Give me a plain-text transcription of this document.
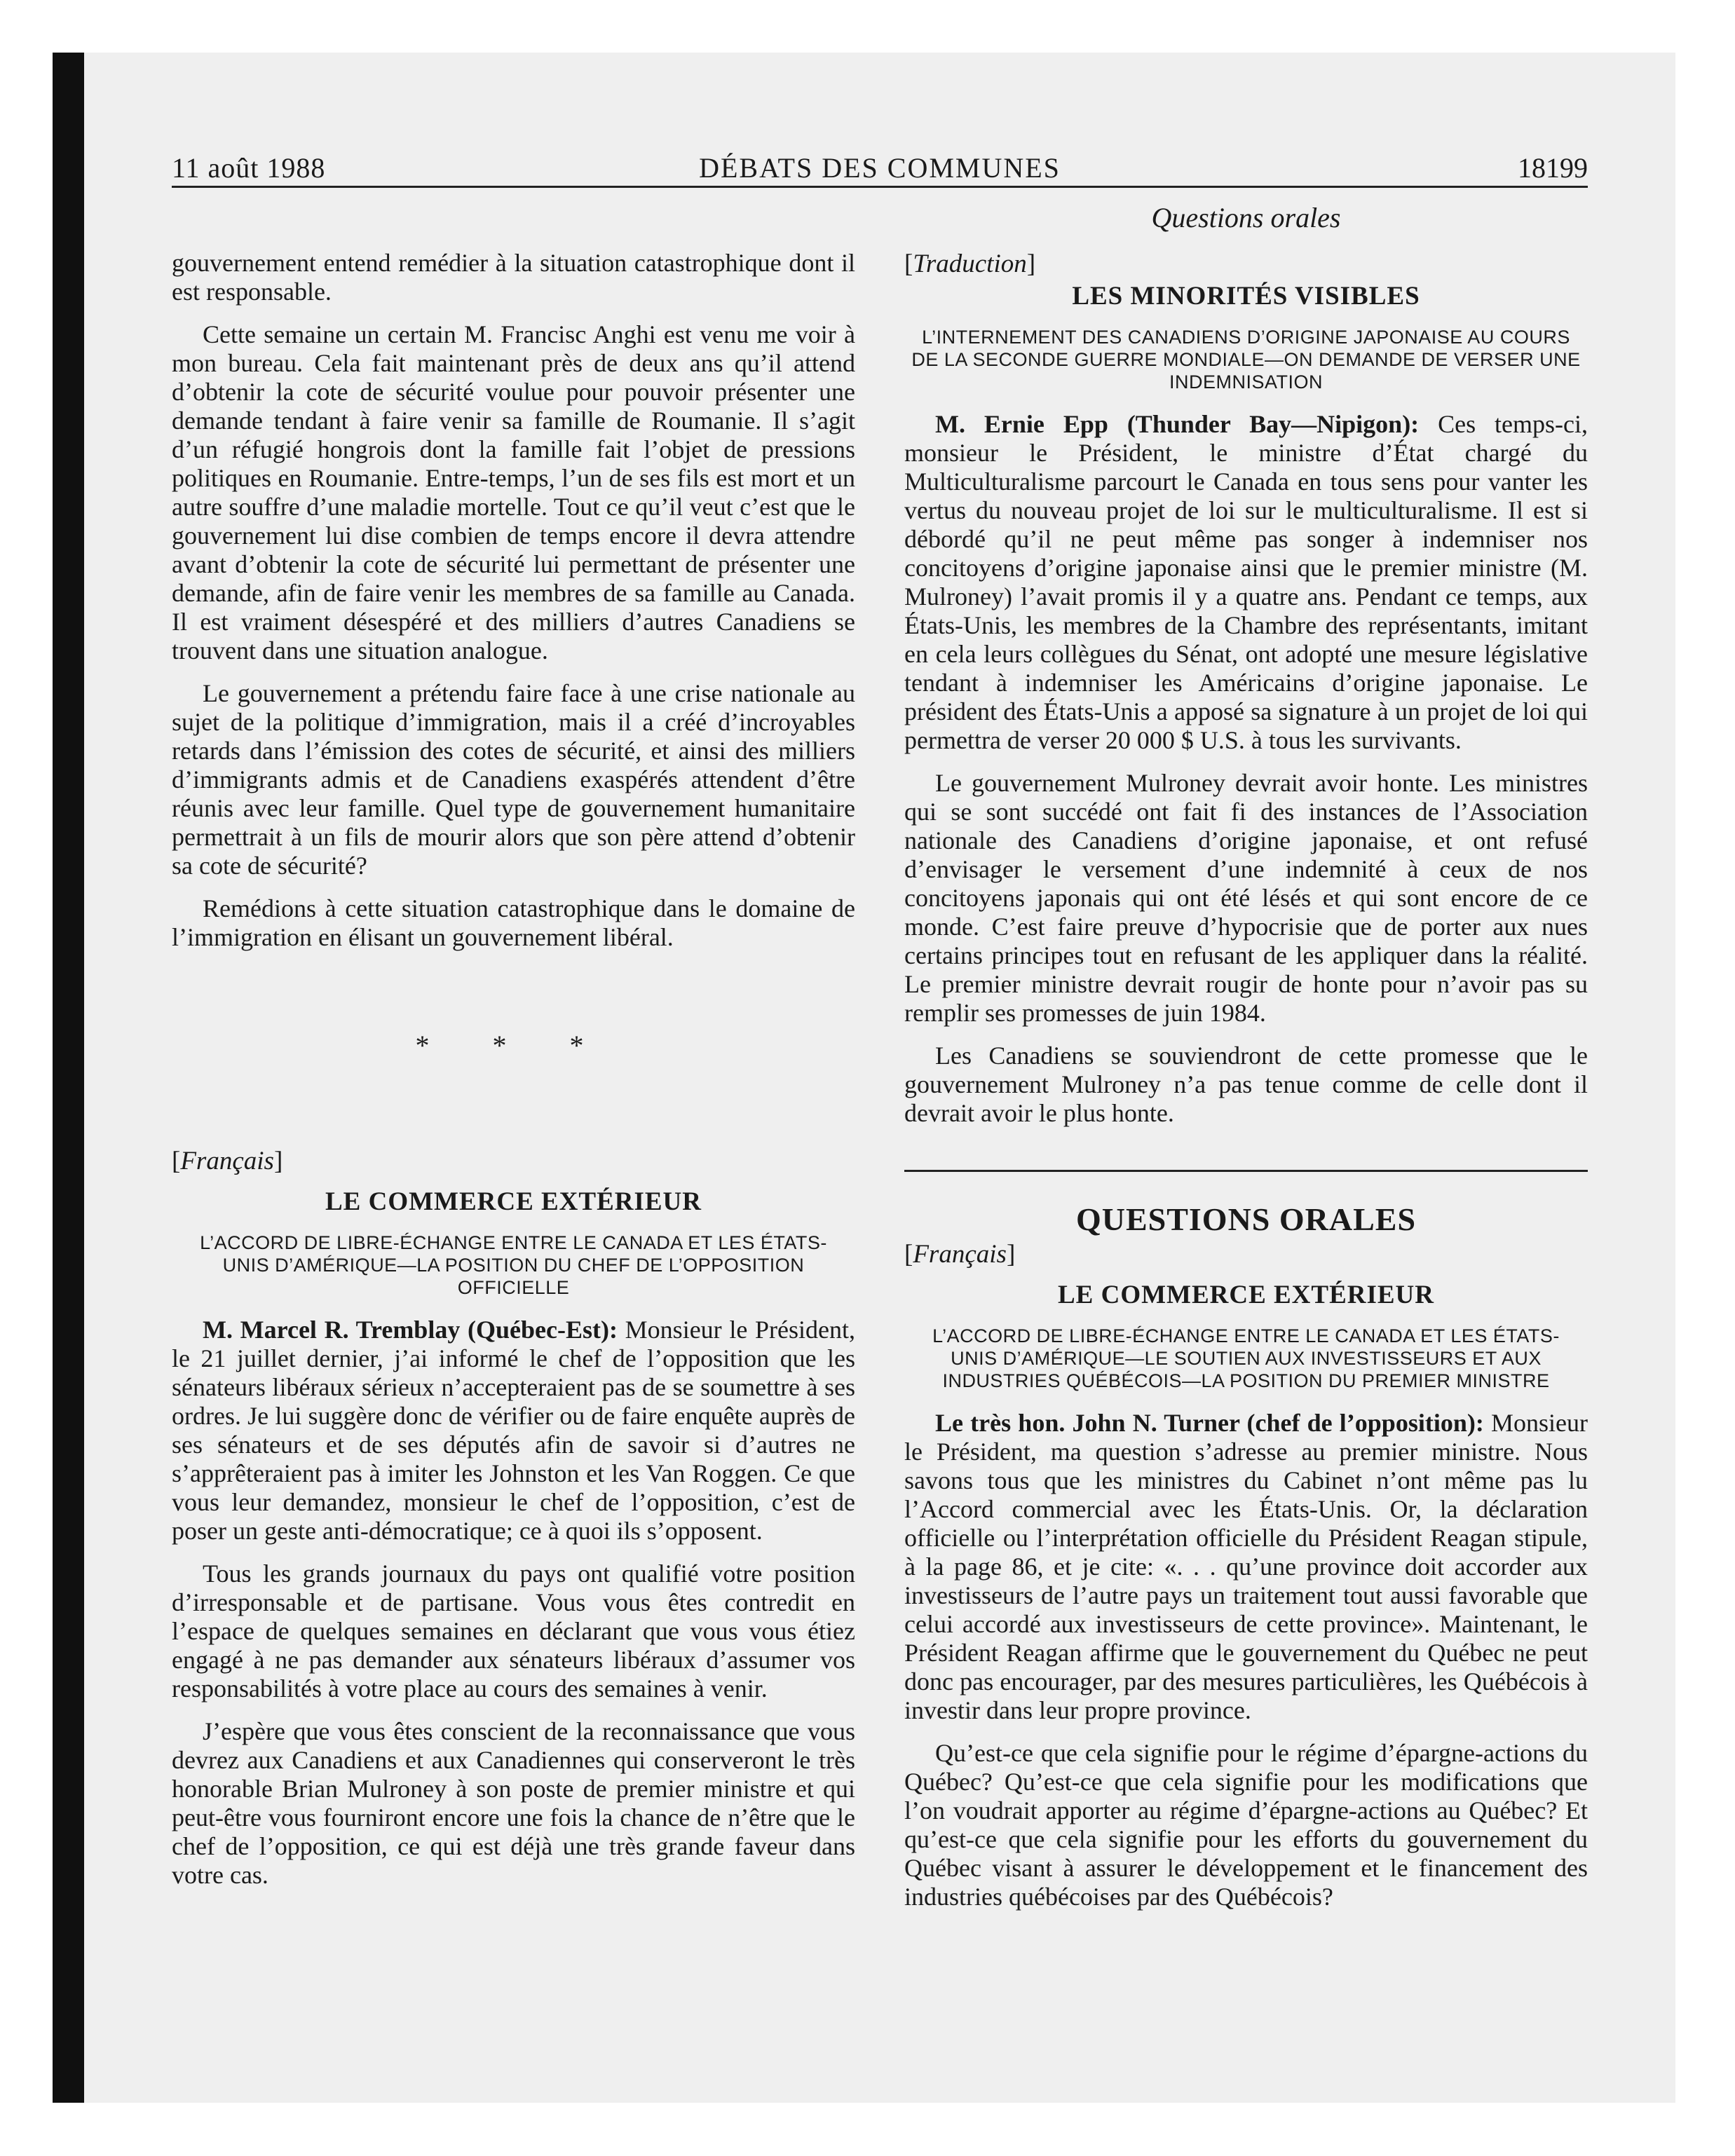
11 août 1988	DÉBATS DES COMMUNES	18199
Questions orales

gouvernement entend remédier à la situation catastrophique dont il est responsable.

Cette semaine un certain M. Francisc Anghi est venu me voir à mon bureau. Cela fait maintenant près de deux ans qu’il attend d’obtenir la cote de sécurité voulue pour pouvoir présenter une demande tendant à faire venir sa famille de Roumanie. Il s’agit d’un réfugié hongrois dont la famille fait l’objet de pressions politiques en Roumanie. Entre-temps, l’un de ses fils est mort et un autre souffre d’une maladie mortelle. Tout ce qu’il veut c’est que le gouvernement lui dise combien de temps encore il devra attendre avant d’obtenir la cote de sécurité lui permettant de présenter une demande, afin de faire venir les membres de sa famille au Canada. Il est vraiment désespéré et des milliers d’autres Canadiens se trouvent dans une situation analogue.

Le gouvernement a prétendu faire face à une crise nationale au sujet de la politique d’immigration, mais il a créé d’incroyables retards dans l’émission des cotes de sécurité, et ainsi des milliers d’immigrants admis et de Canadiens exaspérés attendent d’être réunis avec leur famille. Quel type de gouvernement humanitaire permettrait à un fils de mourir alors que son père attend d’obtenir sa cote de sécurité?

Remédions à cette situation catastrophique dans le domaine de l’immigration en élisant un gouvernement libéral.

* * *
[Français]
LE COMMERCE EXTÉRIEUR
L’ACCORD DE LIBRE-ÉCHANGE ENTRE LE CANADA ET LES ÉTATS-UNIS D’AMÉRIQUE—LA POSITION DU CHEF DE L’OPPOSITION OFFICIELLE

M. Marcel R. Tremblay (Québec-Est): Monsieur le Président, le 21 juillet dernier, j’ai informé le chef de l’opposition que les sénateurs libéraux sérieux n’accepteraient pas de se soumettre à ses ordres. Je lui suggère donc de vérifier ou de faire enquête auprès de ses sénateurs et de ses députés afin de savoir si d’autres ne s’apprêteraient pas à imiter les Johnston et les Van Roggen. Ce que vous leur demandez, monsieur le chef de l’opposition, c’est de poser un geste anti-démocratique; ce à quoi ils s’opposent.

Tous les grands journaux du pays ont qualifié votre position d’irresponsable et de partisane. Vous vous êtes contredit en l’espace de quelques semaines en déclarant que vous vous étiez engagé à ne pas demander aux sénateurs libéraux d’assumer vos responsabilités à votre place au cours des semaines à venir.

J’espère que vous êtes conscient de la reconnaissance que vous devrez aux Canadiens et aux Canadiennes qui conserveront le très honorable Brian Mulroney à son poste de premier ministre et qui peut-être vous fourniront encore une fois la chance de n’être que le chef de l’opposition, ce qui est déjà une très grande faveur dans votre cas.

[Traduction]
LES MINORITÉS VISIBLES
L’INTERNEMENT DES CANADIENS D’ORIGINE JAPONAISE AU COURS DE LA SECONDE GUERRE MONDIALE—ON DEMANDE DE VERSER UNE INDEMNISATION

M. Ernie Epp (Thunder Bay—Nipigon): Ces temps-ci, monsieur le Président, le ministre d’État chargé du Multiculturalisme parcourt le Canada en tous sens pour vanter les vertus du nouveau projet de loi sur le multiculturalisme. Il est si débordé qu’il ne peut même pas songer à indemniser nos concitoyens d’origine japonaise ainsi que le premier ministre (M. Mulroney) l’avait promis il y a quatre ans. Pendant ce temps, aux États-Unis, les membres de la Chambre des représentants, imitant en cela leurs collègues du Sénat, ont adopté une mesure législative tendant à indemniser les Américains d’origine japonaise. Le président des États-Unis a apposé sa signature à un projet de loi qui permettra de verser 20 000 $ U.S. à tous les survivants.

Le gouvernement Mulroney devrait avoir honte. Les ministres qui se sont succédé ont fait fi des instances de l’Association nationale des Canadiens d’origine japonaise, et ont refusé d’envisager le versement d’une indemnité à ceux de nos concitoyens japonais qui ont été lésés et qui sont encore de ce monde. C’est faire preuve d’hypocrisie que de porter aux nues certains principes tout en refusant de les appliquer dans la réalité. Le premier ministre devrait rougir de honte pour n’avoir pas su remplir ses promesses de juin 1984.

Les Canadiens se souviendront de cette promesse que le gouvernement Mulroney n’a pas tenue comme de celle dont il devrait avoir le plus honte.

QUESTIONS ORALES
[Français]
LE COMMERCE EXTÉRIEUR
L’ACCORD DE LIBRE-ÉCHANGE ENTRE LE CANADA ET LES ÉTATS-UNIS D’AMÉRIQUE—LE SOUTIEN AUX INVESTISSEURS ET AUX INDUSTRIES QUÉBÉCOIS—LA POSITION DU PREMIER MINISTRE

Le très hon. John N. Turner (chef de l’opposition): Monsieur le Président, ma question s’adresse au premier ministre. Nous savons tous que les ministres du Cabinet n’ont même pas lu l’Accord commercial avec les États-Unis. Or, la déclaration officielle ou l’interprétation officielle du Président Reagan stipule, à la page 86, et je cite: «. . . qu’une province doit accorder aux investisseurs de l’autre pays un traitement tout aussi favorable que celui accordé aux investisseurs de cette province». Maintenant, le Président Reagan affirme que le gouvernement du Québec ne peut donc pas encourager, par des mesures particulières, les Québécois à investir dans leur propre province.

Qu’est-ce que cela signifie pour le régime d’épargne-actions du Québec? Qu’est-ce que cela signifie pour les modifications que l’on voudrait apporter au régime d’épargne-actions au Québec? Et qu’est-ce que cela signifie pour les efforts du gouvernement du Québec visant à assurer le développement et le financement des industries québécoises par des Québécois?
